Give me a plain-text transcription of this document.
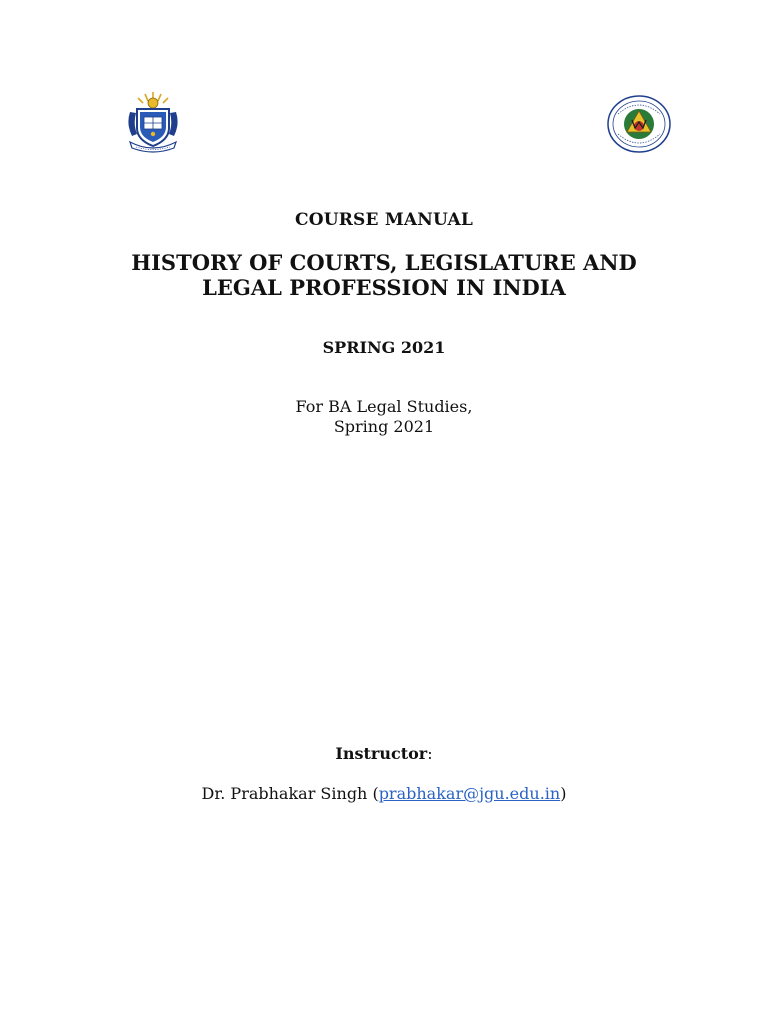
COURSE MANUAL
HISTORY OF COURTS, LEGISLATURE AND
LEGAL PROFESSION IN INDIA
SPRING 2021
For BA Legal Studies,
Spring 2021
Instructor:
Dr. Prabhakar Singh (prabhakar@jgu.edu.in)
